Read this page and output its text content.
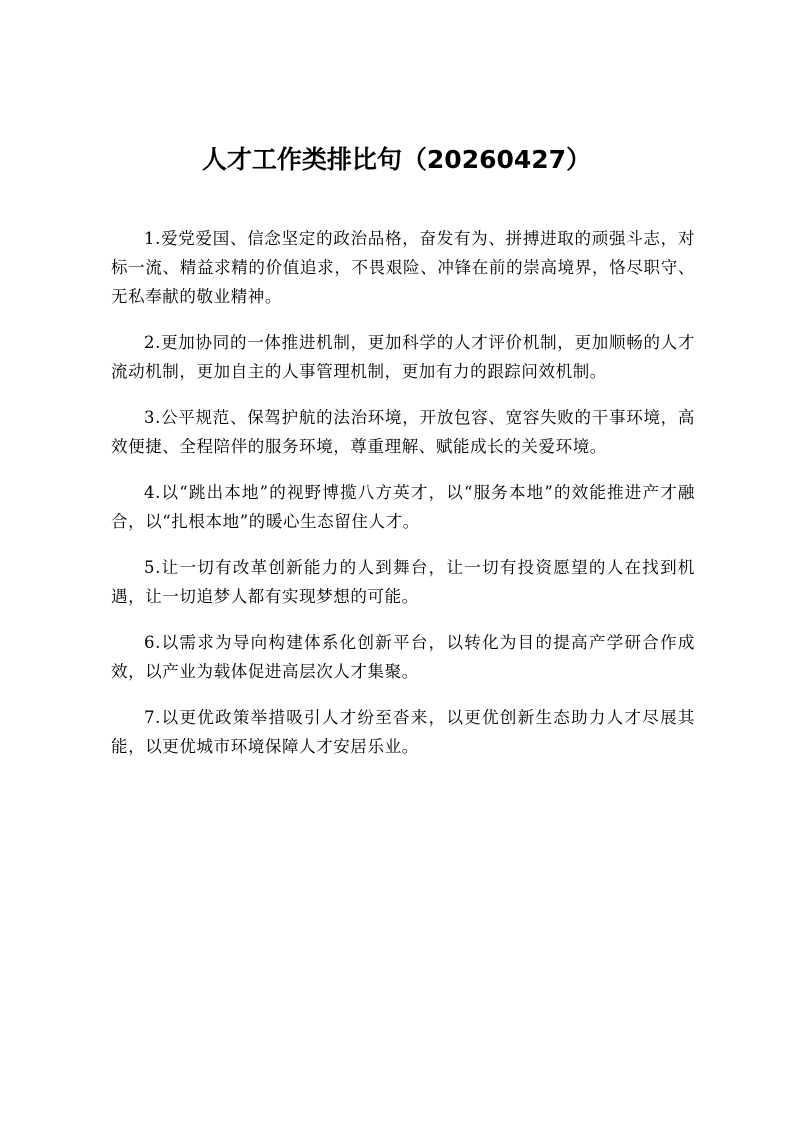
人才工作类排比句（20260427）

1.爱党爱国、信念坚定的政治品格，奋发有为、拼搏进取的顽强斗志，对标一流、精益求精的价值追求，不畏艰险、冲锋在前的崇高境界，恪尽职守、无私奉献的敬业精神。

2.更加协同的一体推进机制，更加科学的人才评价机制，更加顺畅的人才流动机制，更加自主的人事管理机制，更加有力的跟踪问效机制。

3.公平规范、保驾护航的法治环境，开放包容、宽容失败的干事环境，高效便捷、全程陪伴的服务环境，尊重理解、赋能成长的关爱环境。

4.以“跳出本地”的视野博揽八方英才，以“服务本地”的效能推进产才融合，以“扎根本地”的暖心生态留住人才。

5.让一切有改革创新能力的人到舞台，让一切有投资愿望的人在找到机遇，让一切追梦人都有实现梦想的可能。

6.以需求为导向构建体系化创新平台，以转化为目的提高产学研合作成效，以产业为载体促进高层次人才集聚。

7.以更优政策举措吸引人才纷至沓来，以更优创新生态助力人才尽展其能，以更优城市环境保障人才安居乐业。
